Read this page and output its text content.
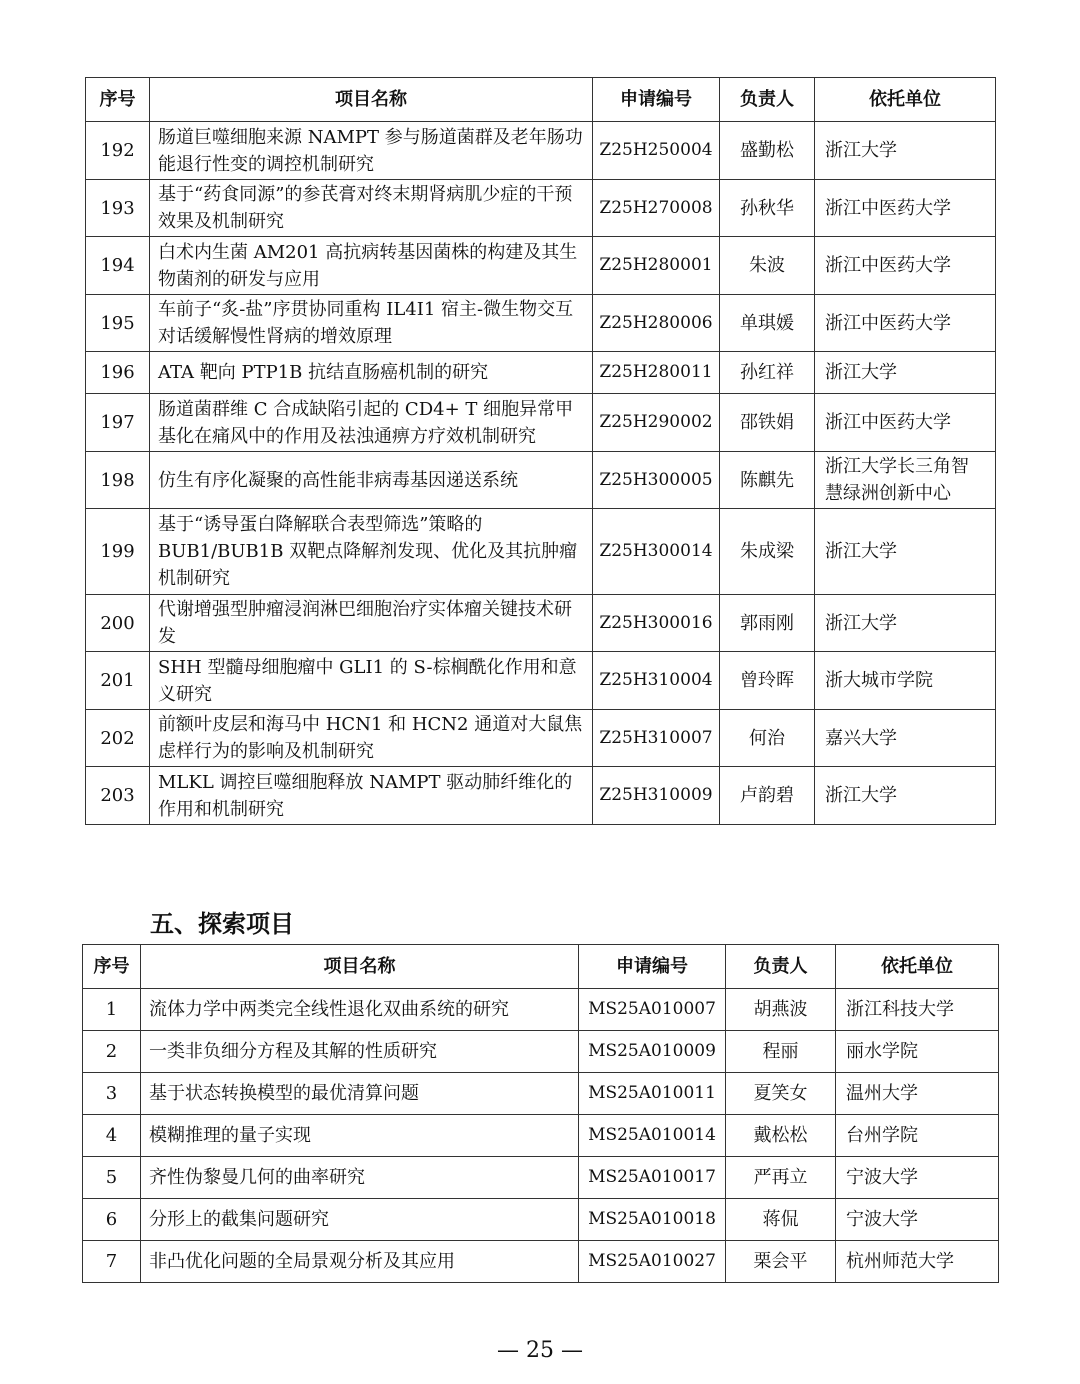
序号	项目名称	申请编号	负责人	依托单位
192	肠道巨噬细胞来源 NAMPT 参与肠道菌群及老年肠功能退行性变的调控机制研究	Z25H250004	盛勤松	浙江大学
193	基于“药食同源”的参芪膏对终末期肾病肌少症的干预效果及机制研究	Z25H270008	孙秋华	浙江中医药大学
194	白术内生菌 AM201 高抗病转基因菌株的构建及其生物菌剂的研发与应用	Z25H280001	朱波	浙江中医药大学
195	车前子“炙-盐”序贯协同重构 IL4I1 宿主-微生物交互对话缓解慢性肾病的增效原理	Z25H280006	单琪媛	浙江中医药大学
196	ATA 靶向 PTP1B 抗结直肠癌机制的研究	Z25H280011	孙红祥	浙江大学
197	肠道菌群维 C 合成缺陷引起的 CD4+ T 细胞异常甲基化在痛风中的作用及祛浊通痹方疗效机制研究	Z25H290002	邵铁娟	浙江中医药大学
198	仿生有序化凝聚的高性能非病毒基因递送系统	Z25H300005	陈麒先	浙江大学长三角智慧绿洲创新中心
199	基于“诱导蛋白降解联合表型筛选”策略的 BUB1/BUB1B 双靶点降解剂发现、优化及其抗肿瘤机制研究	Z25H300014	朱成梁	浙江大学
200	代谢增强型肿瘤浸润淋巴细胞治疗实体瘤关键技术研发	Z25H300016	郭雨刚	浙江大学
201	SHH 型髓母细胞瘤中 GLI1 的 S-棕榈酰化作用和意义研究	Z25H310004	曾玲晖	浙大城市学院
202	前额叶皮层和海马中 HCN1 和 HCN2 通道对大鼠焦虑样行为的影响及机制研究	Z25H310007	何治	嘉兴大学
203	MLKL 调控巨噬细胞释放 NAMPT 驱动肺纤维化的作用和机制研究	Z25H310009	卢韵碧	浙江大学
五、探索项目
序号	项目名称	申请编号	负责人	依托单位
1	流体力学中两类完全线性退化双曲系统的研究	MS25A010007	胡燕波	浙江科技大学
2	一类非负细分方程及其解的性质研究	MS25A010009	程丽	丽水学院
3	基于状态转换模型的最优清算问题	MS25A010011	夏笑女	温州大学
4	模糊推理的量子实现	MS25A010014	戴松松	台州学院
5	齐性伪黎曼几何的曲率研究	MS25A010017	严再立	宁波大学
6	分形上的截集问题研究	MS25A010018	蒋侃	宁波大学
7	非凸优化问题的全局景观分析及其应用	MS25A010027	栗会平	杭州师范大学
— 25 —
